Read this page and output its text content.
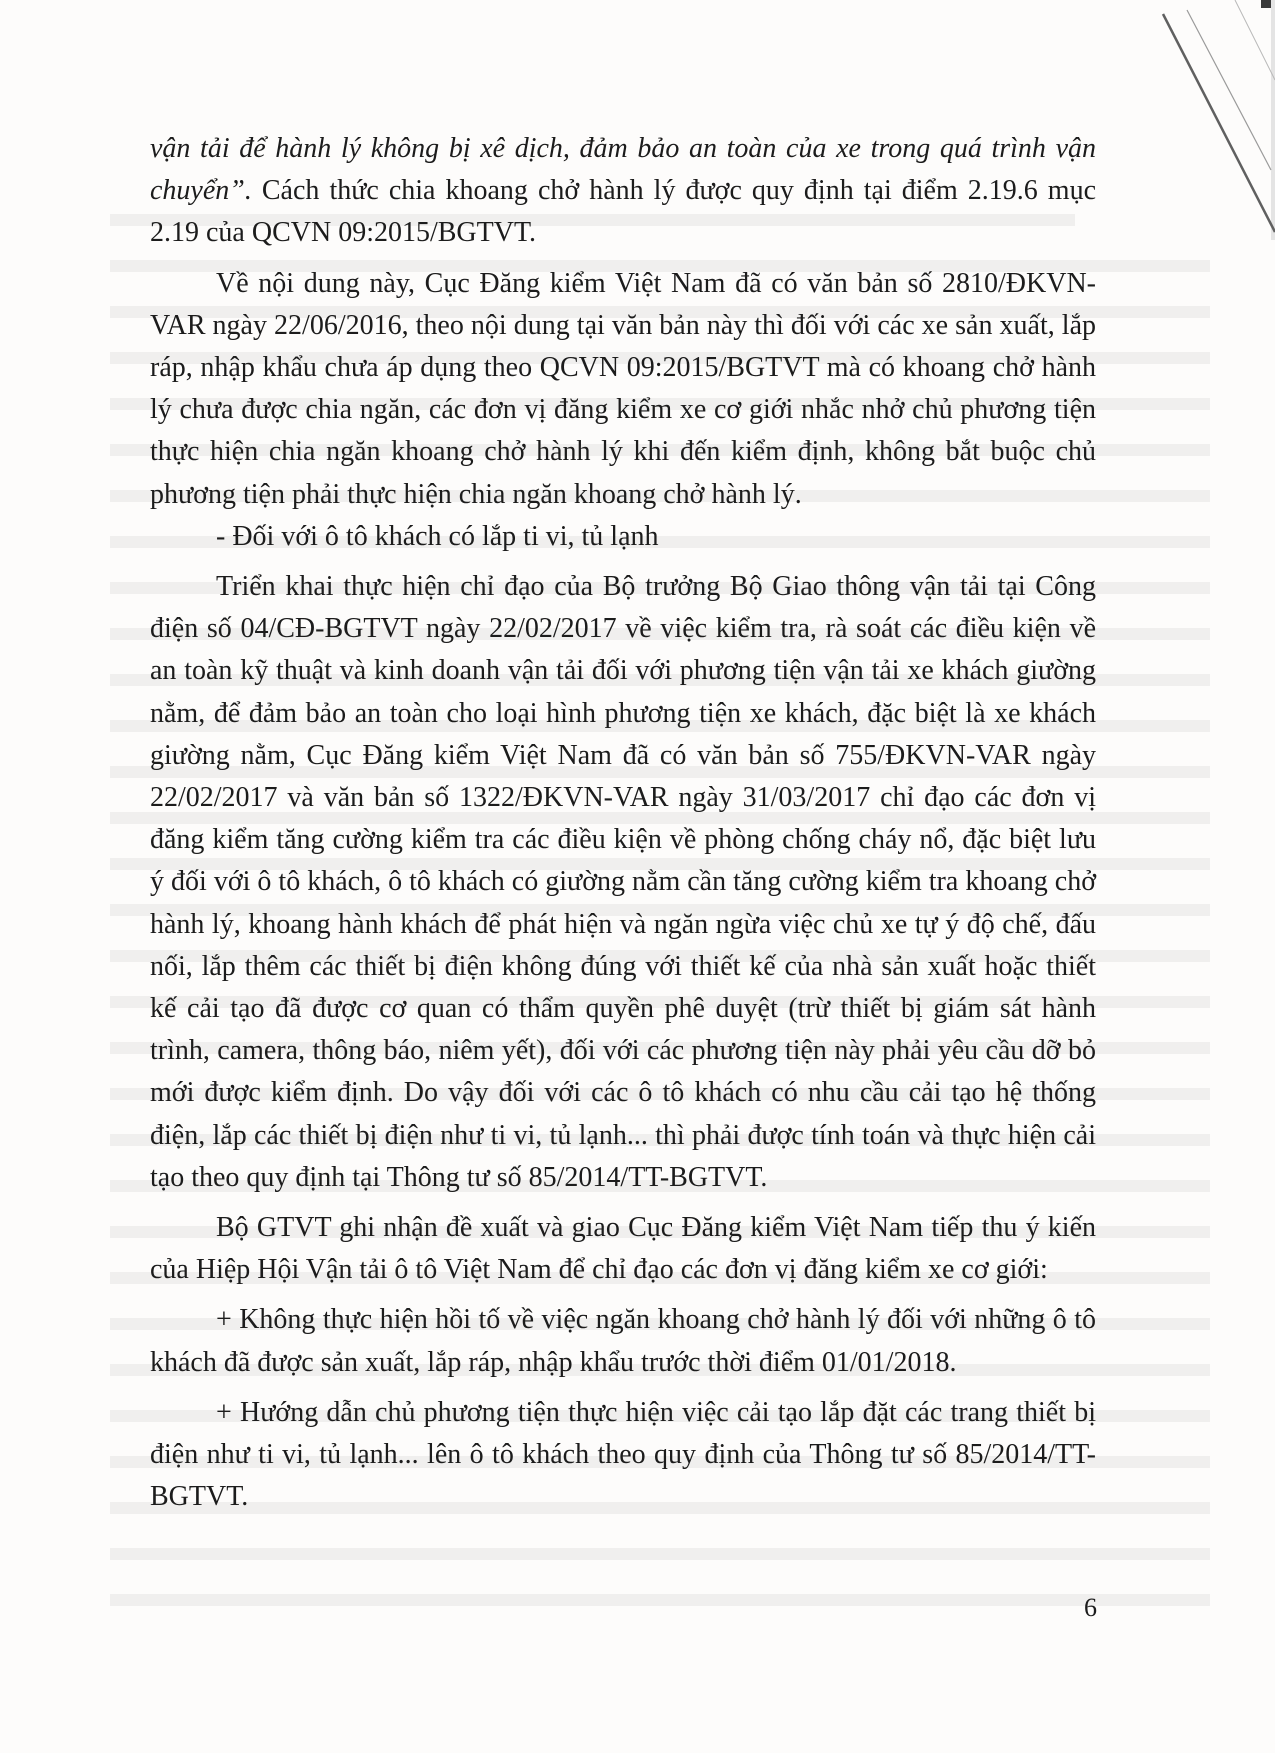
vận tải để hành lý không bị xê dịch, đảm bảo an toàn của xe trong quá trình vận chuyển”. Cách thức chia khoang chở hành lý được quy định tại điểm 2.19.6 mục 2.19 của QCVN 09:2015/BGTVT.

Về nội dung này, Cục Đăng kiểm Việt Nam đã có văn bản số 2810/ĐKVN-VAR ngày 22/06/2016, theo nội dung tại văn bản này thì đối với các xe sản xuất, lắp ráp, nhập khẩu chưa áp dụng theo QCVN 09:2015/BGTVT mà có khoang chở hành lý chưa được chia ngăn, các đơn vị đăng kiểm xe cơ giới nhắc nhở chủ phương tiện thực hiện chia ngăn khoang chở hành lý khi đến kiểm định, không bắt buộc chủ phương tiện phải thực hiện chia ngăn khoang chở hành lý.

- Đối với ô tô khách có lắp ti vi, tủ lạnh

Triển khai thực hiện chỉ đạo của Bộ trưởng Bộ Giao thông vận tải tại Công điện số 04/CĐ-BGTVT ngày 22/02/2017 về việc kiểm tra, rà soát các điều kiện về an toàn kỹ thuật và kinh doanh vận tải đối với phương tiện vận tải xe khách giường nằm, để đảm bảo an toàn cho loại hình phương tiện xe khách, đặc biệt là xe khách giường nằm, Cục Đăng kiểm Việt Nam đã có văn bản số 755/ĐKVN-VAR ngày 22/02/2017 và văn bản số 1322/ĐKVN-VAR ngày 31/03/2017 chỉ đạo các đơn vị đăng kiểm tăng cường kiểm tra các điều kiện về phòng chống cháy nổ, đặc biệt lưu ý đối với ô tô khách, ô tô khách có giường nằm cần tăng cường kiểm tra khoang chở hành lý, khoang hành khách để phát hiện và ngăn ngừa việc chủ xe tự ý độ chế, đấu nối, lắp thêm các thiết bị điện không đúng với thiết kế của nhà sản xuất hoặc thiết kế cải tạo đã được cơ quan có thẩm quyền phê duyệt (trừ thiết bị giám sát hành trình, camera, thông báo, niêm yết), đối với các phương tiện này phải yêu cầu dỡ bỏ mới được kiểm định. Do vậy đối với các ô tô khách có nhu cầu cải tạo hệ thống điện, lắp các thiết bị điện như ti vi, tủ lạnh... thì phải được tính toán và thực hiện cải tạo theo quy định tại Thông tư số 85/2014/TT-BGTVT.

Bộ GTVT ghi nhận đề xuất và giao Cục Đăng kiểm Việt Nam tiếp thu ý kiến của Hiệp Hội Vận tải ô tô Việt Nam để chỉ đạo các đơn vị đăng kiểm xe cơ giới:

+ Không thực hiện hồi tố về việc ngăn khoang chở hành lý đối với những ô tô khách đã được sản xuất, lắp ráp, nhập khẩu trước thời điểm 01/01/2018.

+ Hướng dẫn chủ phương tiện thực hiện việc cải tạo lắp đặt các trang thiết bị điện như ti vi, tủ lạnh... lên ô tô khách theo quy định của Thông tư số 85/2014/TT-BGTVT.

6
